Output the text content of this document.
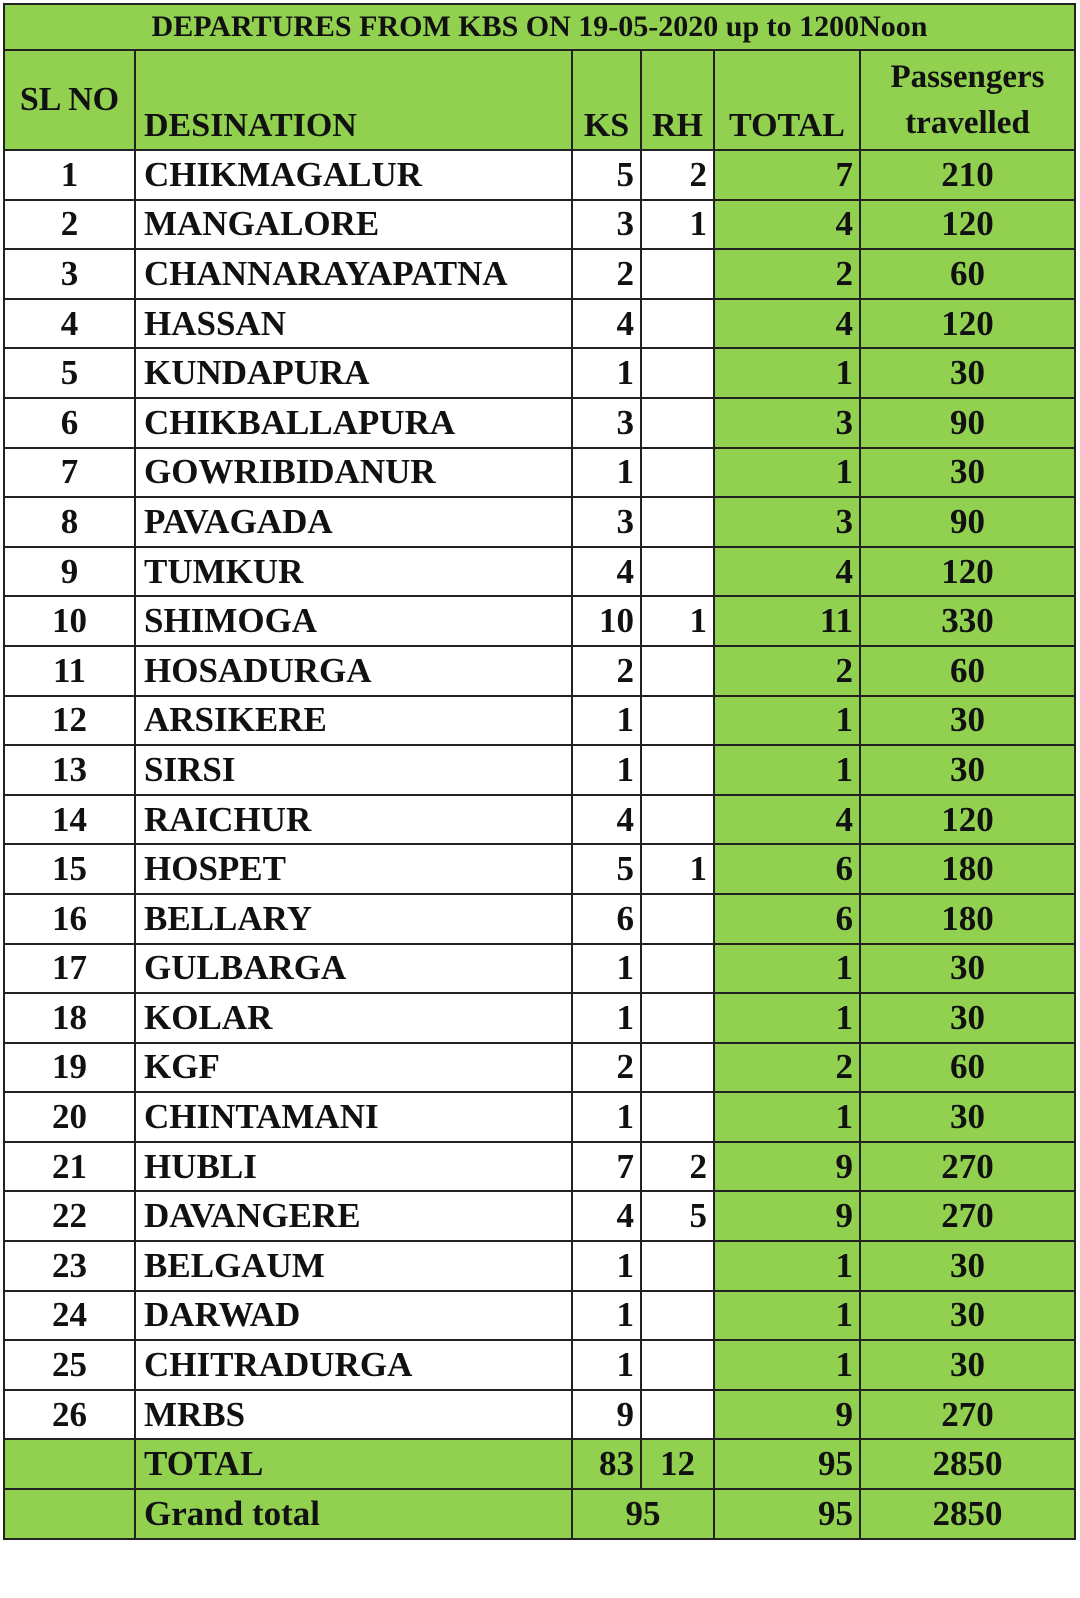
DEPARTURES FROM KBS ON 19-05-2020 up to 1200Noon					
SL NO	DESINATION	KS	RH	TOTAL	Passengers
travelled

1	CHIKMAGALUR	5	2	7	210
2	MANGALORE	3	1	4	120
3	CHANNARAYAPATNA	2		2	60
4	HASSAN	4		4	120
5	KUNDAPURA	1		1	30
6	CHIKBALLAPURA	3		3	90
7	GOWRIBIDANUR	1		1	30
8	PAVAGADA	3		3	90
9	TUMKUR	4		4	120
10	SHIMOGA	10	1	11	330
11	HOSADURGA	2		2	60
12	ARSIKERE	1		1	30
13	SIRSI	1		1	30
14	RAICHUR	4		4	120
15	HOSPET	5	1	6	180
16	BELLARY	6		6	180
17	GULBARGA	1		1	30
18	KOLAR	1		1	30
19	KGF	2		2	60
20	CHINTAMANI	1		1	30
21	HUBLI	7	2	9	270
22	DAVANGERE	4	5	9	270
23	BELGAUM	1		1	30
24	DARWAD	1		1	30
25	CHITRADURGA	1		1	30
26	MRBS	9		9	270
	TOTAL	83	12	95	2850
	Grand total	95		95	2850
